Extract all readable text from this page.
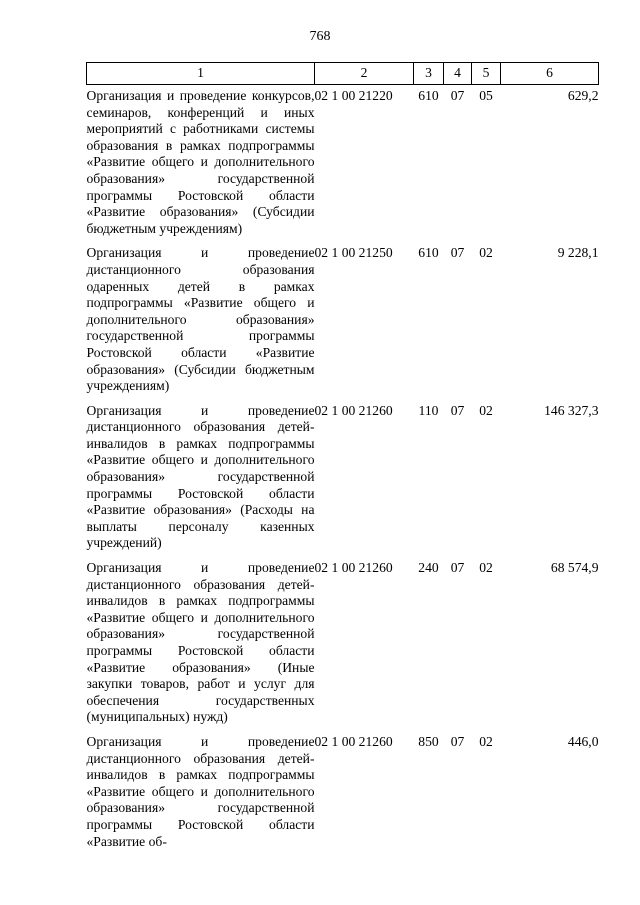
768
1	2	3	4	5	6
Организация и проведение конкурсов, семинаров, конференций и иных мероприятий с работниками системы образования в рамках подпрограммы «Развитие общего и дополнительного образования» государственной программы Ростовской области «Развитие образования» (Субсидии бюджетным учреждениям)	02 1 00 21220	610	07	05	629,2
Организация и проведение дистанционного образования одаренных детей в рамках подпрограммы «Развитие общего и дополнительного образования» государственной программы Ростовской области «Развитие образования» (Субсидии бюджетным учреждениям)	02 1 00 21250	610	07	02	9 228,1
Организация и проведение дистанционного образования детей-инвалидов в рамках подпрограммы «Развитие общего и дополнительного образования» государственной программы Ростовской области «Развитие образования» (Расходы на выплаты персоналу казенных учреждений)	02 1 00 21260	110	07	02	146 327,3
Организация и проведение дистанционного образования детей-инвалидов в рамках подпрограммы «Развитие общего и дополнительного образования» государственной программы Ростовской области «Развитие образования» (Иные закупки товаров, работ и услуг для обеспечения государственных (муниципальных) нужд)	02 1 00 21260	240	07	02	68 574,9
Организация и проведение дистанционного образования детей-инвалидов в рамках подпрограммы «Развитие общего и дополнительного образования» государственной программы Ростовской области «Развитие об-	02 1 00 21260	850	07	02	446,0
